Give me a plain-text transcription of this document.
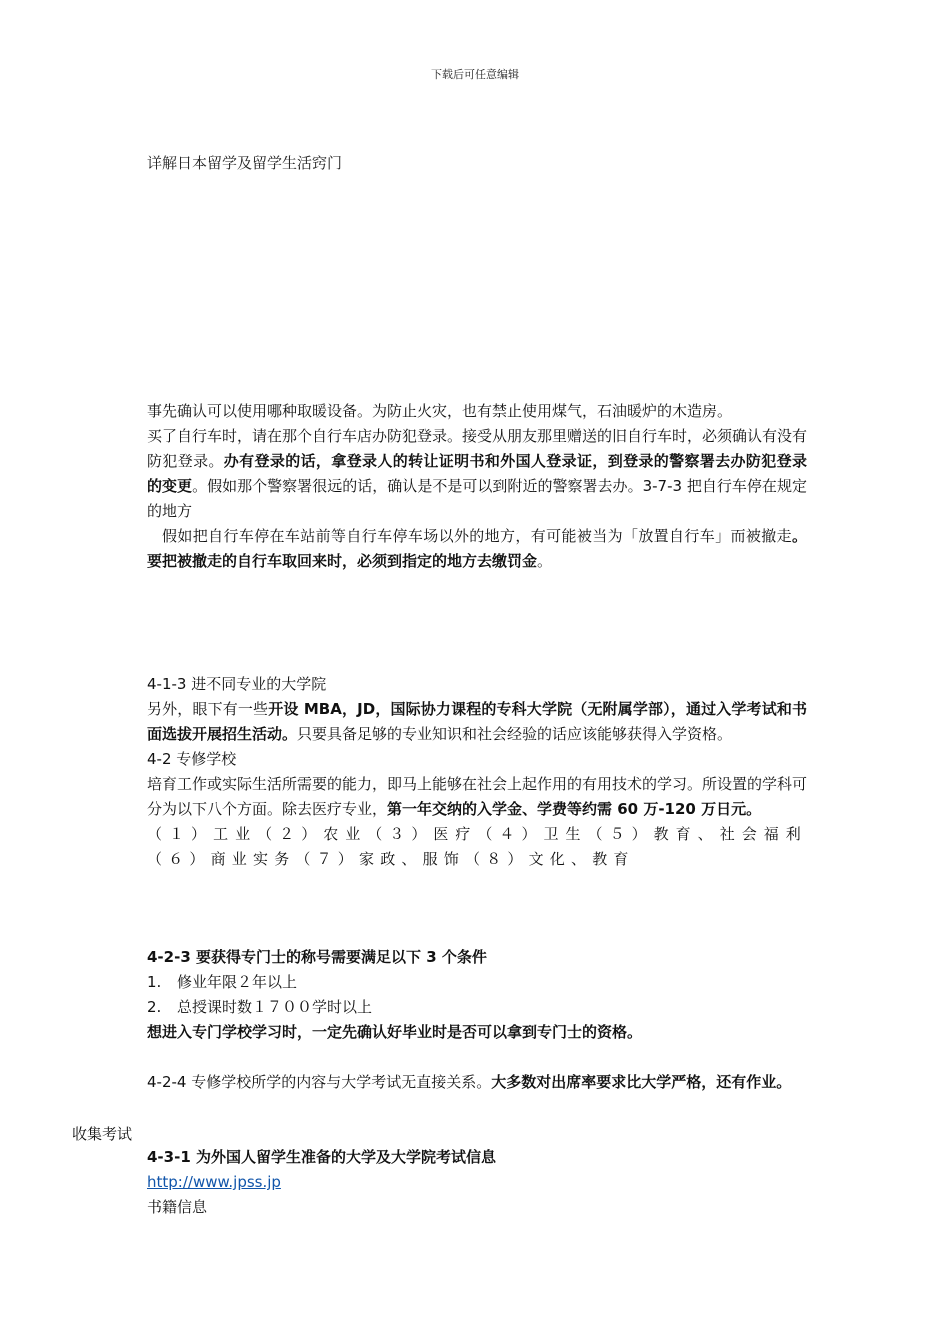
下载后可任意编辑
详解日本留学及留学生活窍门

事先确认可以使用哪种取暖设备。为防止火灾，也有禁止使用煤气，石油暖炉的木造房。

买了自行车时，请在那个自行车店办防犯登录。接受从朋友那里赠送的旧自行车时，必须确认有没有防犯登录。办有登录的话，拿登录人的转让证明书和外国人登录证，到登录的警察署去办防犯登录的变更。假如那个警察署很远的话，确认是不是可以到附近的警察署去办。3-7-3 把自行车停在规定的地方

假如把自行车停在车站前等自行车停车场以外的地方，有可能被当为「放置自行车」而被撤走。要把被撤走的自行车取回来时，必须到指定的地方去缴罚金。

4-1-3 进不同专业的大学院

另外，眼下有一些开设 MBA，JD，国际协力课程的专科大学院（无附属学部），通过入学考试和书面选拔开展招生活动。只要具备足够的专业知识和社会经验的话应该能够获得入学资格。

4-2 专修学校

培育工作或实际生活所需要的能力，即马上能够在社会上起作用的有用技术的学习。所设置的学科可分为以下八个方面。除去医疗专业，第一年交纳的入学金、学费等约需 60 万-120 万日元。

（１）工业（２）农业（３）医疗（４）卫生（５）教育、社会福利（６）商业实务（７）家政、服饰（８）文化、教育

4-2-3 要获得专门士的称号需要满足以下 3 个条件

1.	修业年限２年以上
2.	总授课时数１７００学时以上

想进入专门学校学习时，一定先确认好毕业时是否可以拿到专门士的资格。

4-2-4 专修学校所学的内容与大学考试无直接关系。大多数对出席率要求比大学严格，还有作业。

收集考试

4-3-1 为外国人留学生准备的大学及大学院考试信息

http://www.jpss.jp

书籍信息
